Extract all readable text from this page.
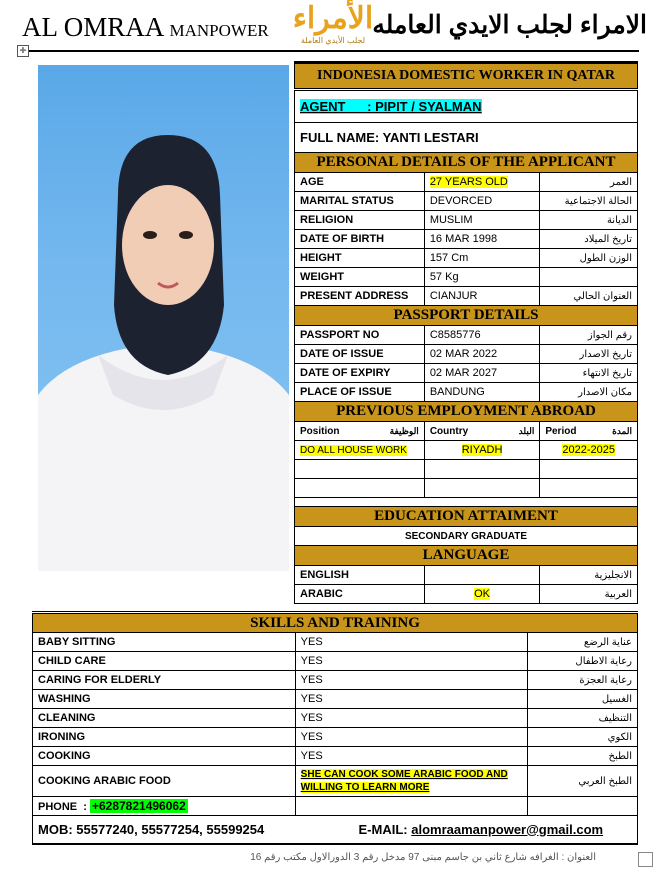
AL OMRAA MANPOWER الأمراء
لجلب الأيدي العاملة
الامراء لجلب الايدي العامله
✛
INDONESIA DOMESTIC WORKER IN QATAR		
AGENT      : PIPIT / SYALMAN		
FULL NAME: YANTI LESTARI		
PERSONAL DETAILS OF THE APPLICANT		
AGE	27 YEARS OLD	العمر
MARITAL STATUS	DEVORCED	الحالة الاجتماعية
RELIGION	MUSLIM	الديانة
DATE OF BIRTH	16 MAR 1998	تاريخ الميلاد
HEIGHT	157 Cm	الوزن الطول
WEIGHT	57 Kg	
PRESENT ADDRESS	CIANJUR	العنوان الحالي
PASSPORT DETAILS		
PASSPORT NO	C8585776	رقم الجواز
DATE OF ISSUE	02 MAR 2022	تاريخ الاصدار
DATE OF EXPIRY	02 MAR 2027	تاريخ الانتهاء
PLACE OF ISSUE	BANDUNG	مكان الاصدار
PREVIOUS EMPLOYMENT ABROAD		
Position الوظيفة	Country البلد	Period المدة

DO ALL HOUSE WORK	RIYADH	2022-2025

EDUCATION ATTAIMENT		
SECONDARY GRADUATE		
LANGUAGE		
ENGLISH		الانجليزية
ARABIC	OK	العربية
SKILLS AND TRAINING		
BABY SITTING	YES	عناية الرضع
CHILD CARE	YES	رعاية الاطفال
CARING FOR ELDERLY	YES	رعاية العجزة
WASHING	YES	الغسيل
CLEANING	YES	التنظيف
IRONING	YES	الكوي
COOKING	YES	الطبخ
COOKING ARABIC FOOD	SHE CAN COOK SOME ARABIC FOOD AND WILLING TO LEARN MORE	الطبخ العربي
PHONE  : +6287821496062		
MOB: 55577240, 55577254, 55599254 E-MAIL: alomraamanpower@gmail.com		
العنوان : الغرافه شارع ثاني بن جاسم مبنى 97 مدخل رقم 3 الدورالاول مكتب رقم 16
